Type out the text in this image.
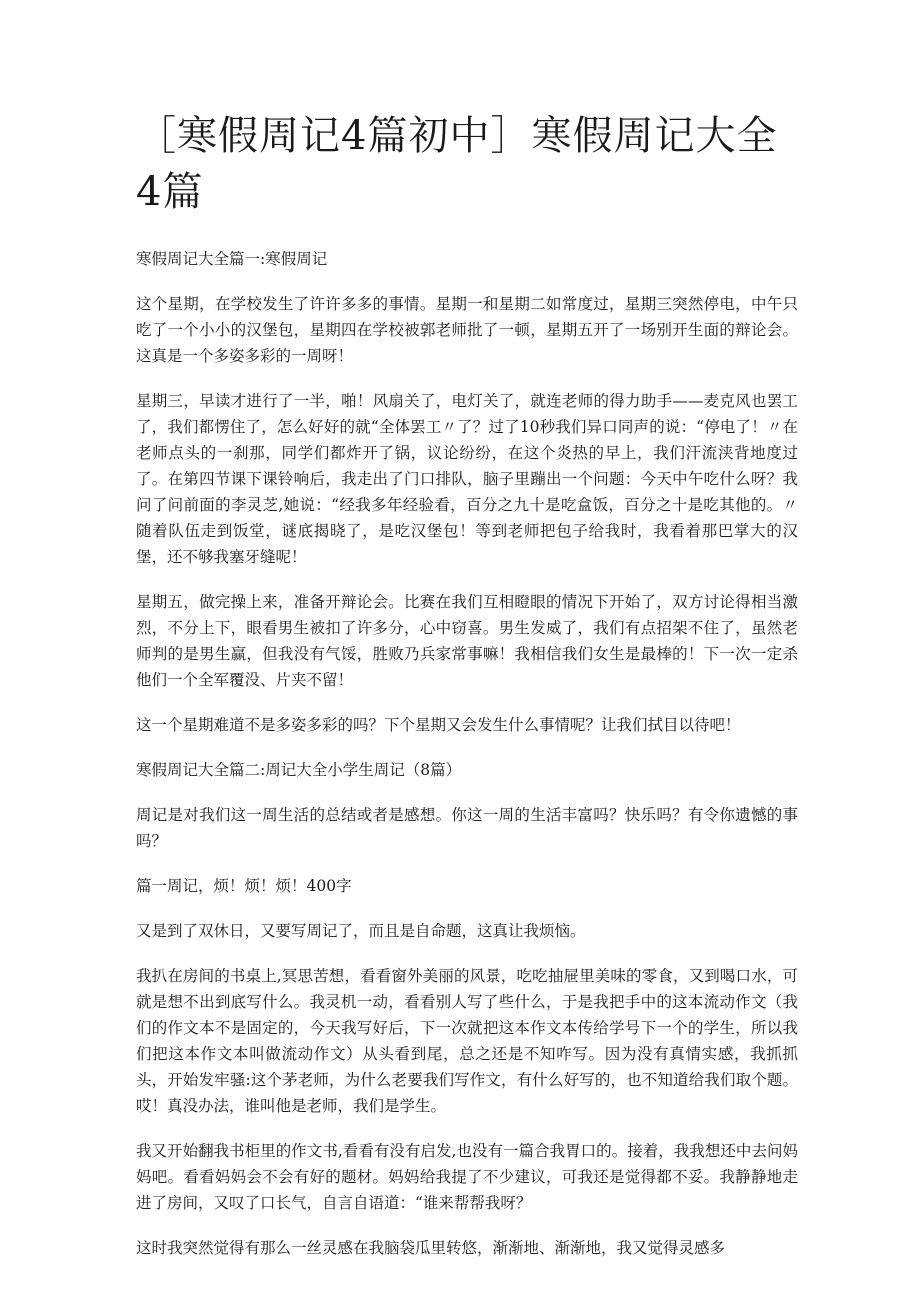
［寒假周记4篇初中］寒假周记大全4篇

寒假周记大全篇一:寒假周记

这个星期，在学校发生了许许多多的事情。星期一和星期二如常度过，星期三突然停电，中午只吃了一个小小的汉堡包，星期四在学校被郭老师批了一顿，星期五开了一场别开生面的辩论会。这真是一个多姿多彩的一周呀！

星期三，早读才进行了一半，啪！风扇关了，电灯关了，就连老师的得力助手——麦克风也罢工了，我们都愣住了，怎么好好的就“全体罢工〃了？过了10秒我们异口同声的说：“停电了！〃在老师点头的一刹那，同学们都炸开了锅，议论纷纷，在这个炎热的早上，我们汗流浃背地度过了。在第四节课下课铃响后，我走出了门口排队，脑子里蹦出一个问题：今天中午吃什么呀？我问了问前面的李灵芝,她说：“经我多年经验看，百分之九十是吃盒饭，百分之十是吃其他的。〃随着队伍走到饭堂，谜底揭晓了，是吃汉堡包！等到老师把包子给我时，我看着那巴掌大的汉堡，还不够我塞牙缝呢！

星期五，做完操上来，准备开辩论会。比赛在我们互相瞪眼的情况下开始了，双方讨论得相当激烈，不分上下，眼看男生被扣了许多分，心中窃喜。男生发威了，我们有点招架不住了，虽然老师判的是男生赢，但我没有气馁，胜败乃兵家常事嘛！我相信我们女生是最棒的！下一次一定杀他们一个全军覆没、片夹不留！

这一个星期难道不是多姿多彩的吗？下个星期又会发生什么事情呢？让我们拭目以待吧！

寒假周记大全篇二:周记大全小学生周记（8篇）

周记是对我们这一周生活的总结或者是感想。你这一周的生活丰富吗？快乐吗？有令你遗憾的事吗？

篇一周记，烦！烦！烦！400字

又是到了双休日，又要写周记了，而且是自命题，这真让我烦恼。

我扒在房间的书桌上,冥思苦想，看看窗外美丽的风景，吃吃抽屉里美味的零食，又到喝口水，可就是想不出到底写什么。我灵机一动，看看别人写了些什么，于是我把手中的这本流动作文（我们的作文本不是固定的，今天我写好后，下一次就把这本作文本传给学号下一个的学生，所以我们把这本作文本叫做流动作文）从头看到尾，总之还是不知咋写。因为没有真情实感，我抓抓头，开始发牢骚:这个茅老师，为什么老要我们写作文，有什么好写的，也不知道给我们取个题。哎！真没办法，谁叫他是老师，我们是学生。

我又开始翻我书柜里的作文书,看看有没有启发,也没有一篇合我胃口的。接着，我我想还中去问妈妈吧。看看妈妈会不会有好的题材。妈妈给我提了不少建议，可我还是觉得都不妥。我静静地走进了房间，又叹了口长气，自言自语道：“谁来帮帮我呀？

这时我突然觉得有那么一丝灵感在我脑袋瓜里转悠，渐渐地、渐渐地，我又觉得灵感多
